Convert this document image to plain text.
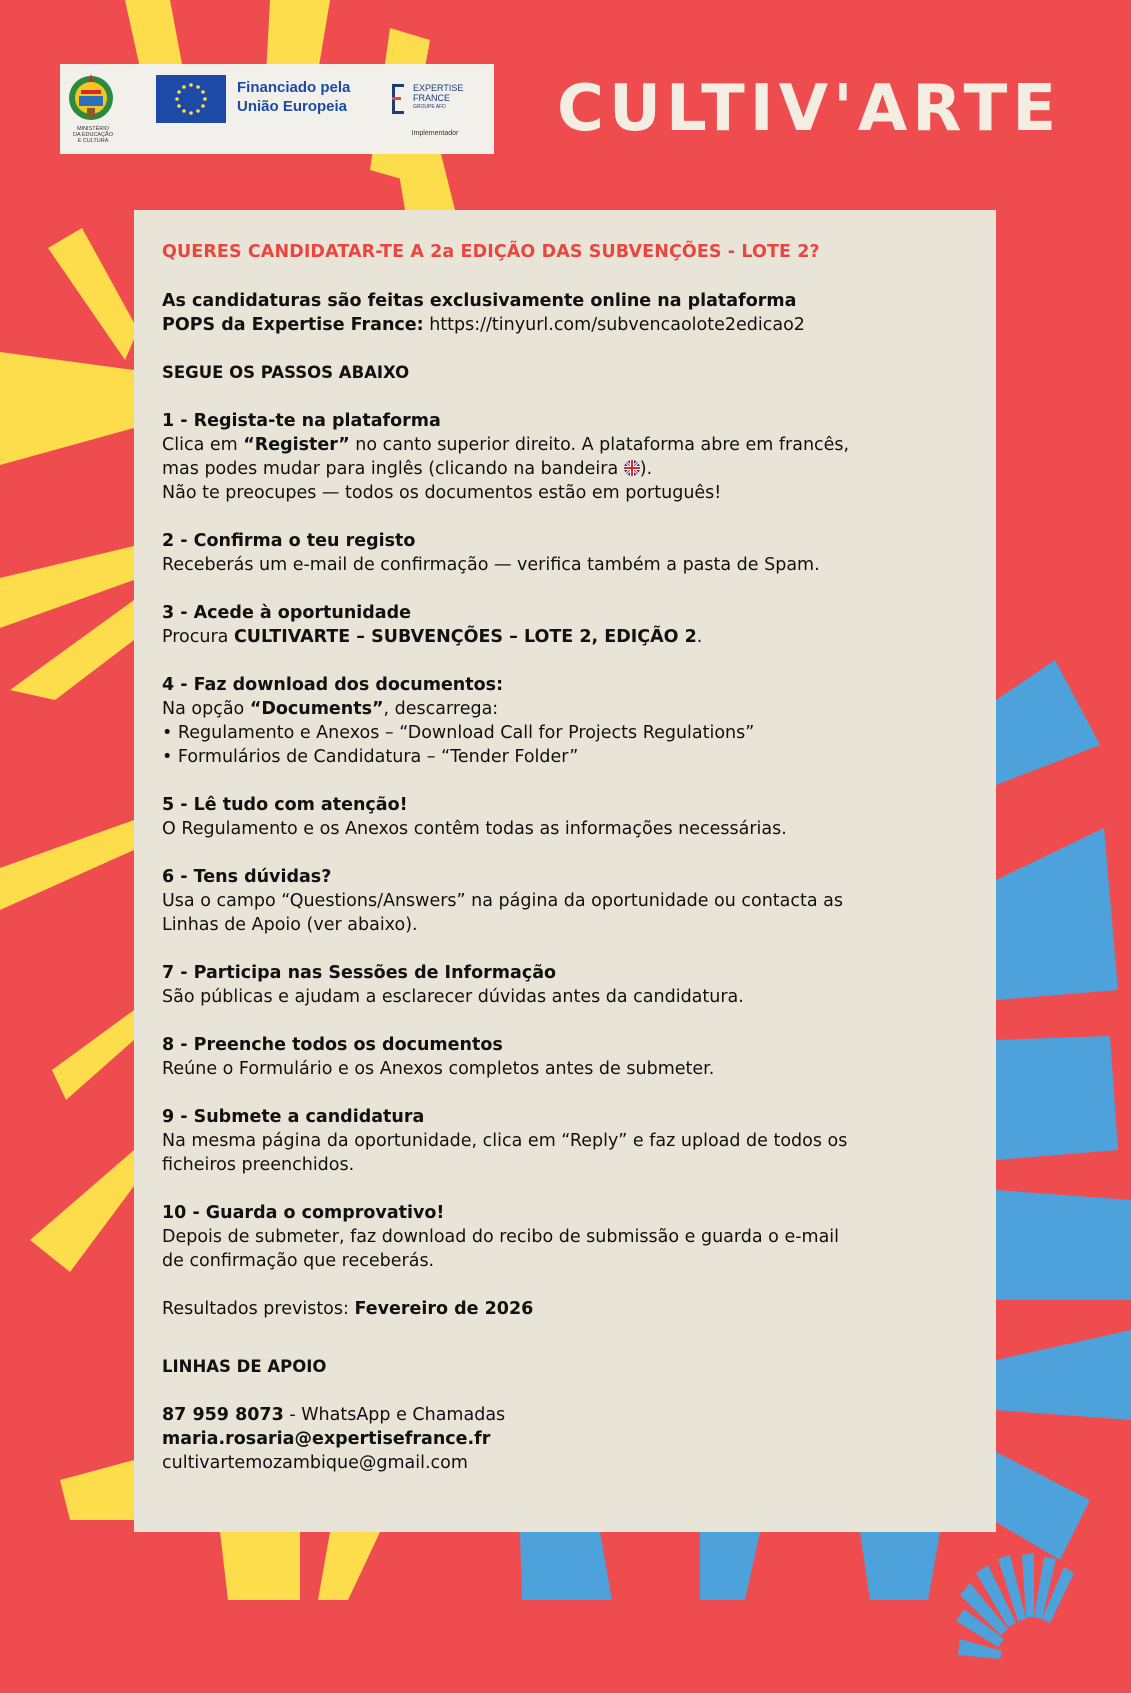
MINISTÉRIO
DA EDUCAÇÃO
E CULTURA
Financiado pela
União Europeia
EXPERTISE
FRANCE
GROUPE AFD
Implementador	CULTIV'ARTE

QUERES CANDIDATAR-TE A 2a EDIÇÃO DAS SUBVENÇÕES - LOTE 2?

As candidaturas são feitas exclusivamente online na plataforma

POPS da Expertise France: https://tinyurl.com/subvencaolote2edicao2

SEGUE OS PASSOS ABAIXO

1 - Regista-te na plataforma

Clica em “Register” no canto superior direito. A plataforma abre em francês,

mas podes mudar para inglês (clicando na bandeira ).

Não te preocupes — todos os documentos estão em português!

2 - Confirma o teu registo

Receberás um e-mail de confirmação — verifica também a pasta de Spam.

3 - Acede à oportunidade

Procura CULTIVARTE – SUBVENÇÕES – LOTE 2, EDIÇÃO 2.

4 - Faz download dos documentos:

Na opção “Documents”, descarrega:

• Regulamento e Anexos – “Download Call for Projects Regulations”

• Formulários de Candidatura – “Tender Folder”

5 - Lê tudo com atenção!

O Regulamento e os Anexos contêm todas as informações necessárias.

6 - Tens dúvidas?

Usa o campo “Questions/Answers” na página da oportunidade ou contacta as

Linhas de Apoio (ver abaixo).

7 - Participa nas Sessões de Informação

São públicas e ajudam a esclarecer dúvidas antes da candidatura.

8 - Preenche todos os documentos

Reúne o Formulário e os Anexos completos antes de submeter.

9 - Submete a candidatura

Na mesma página da oportunidade, clica em “Reply” e faz upload de todos os

ficheiros preenchidos.

10 - Guarda o comprovativo!

Depois de submeter, faz download do recibo de submissão e guarda o e-mail

de confirmação que receberás.

Resultados previstos: Fevereiro de 2026

LINHAS DE APOIO

87 959 8073 - WhatsApp e Chamadas

maria.rosaria@expertisefrance.fr

cultivartemozambique@gmail.com
